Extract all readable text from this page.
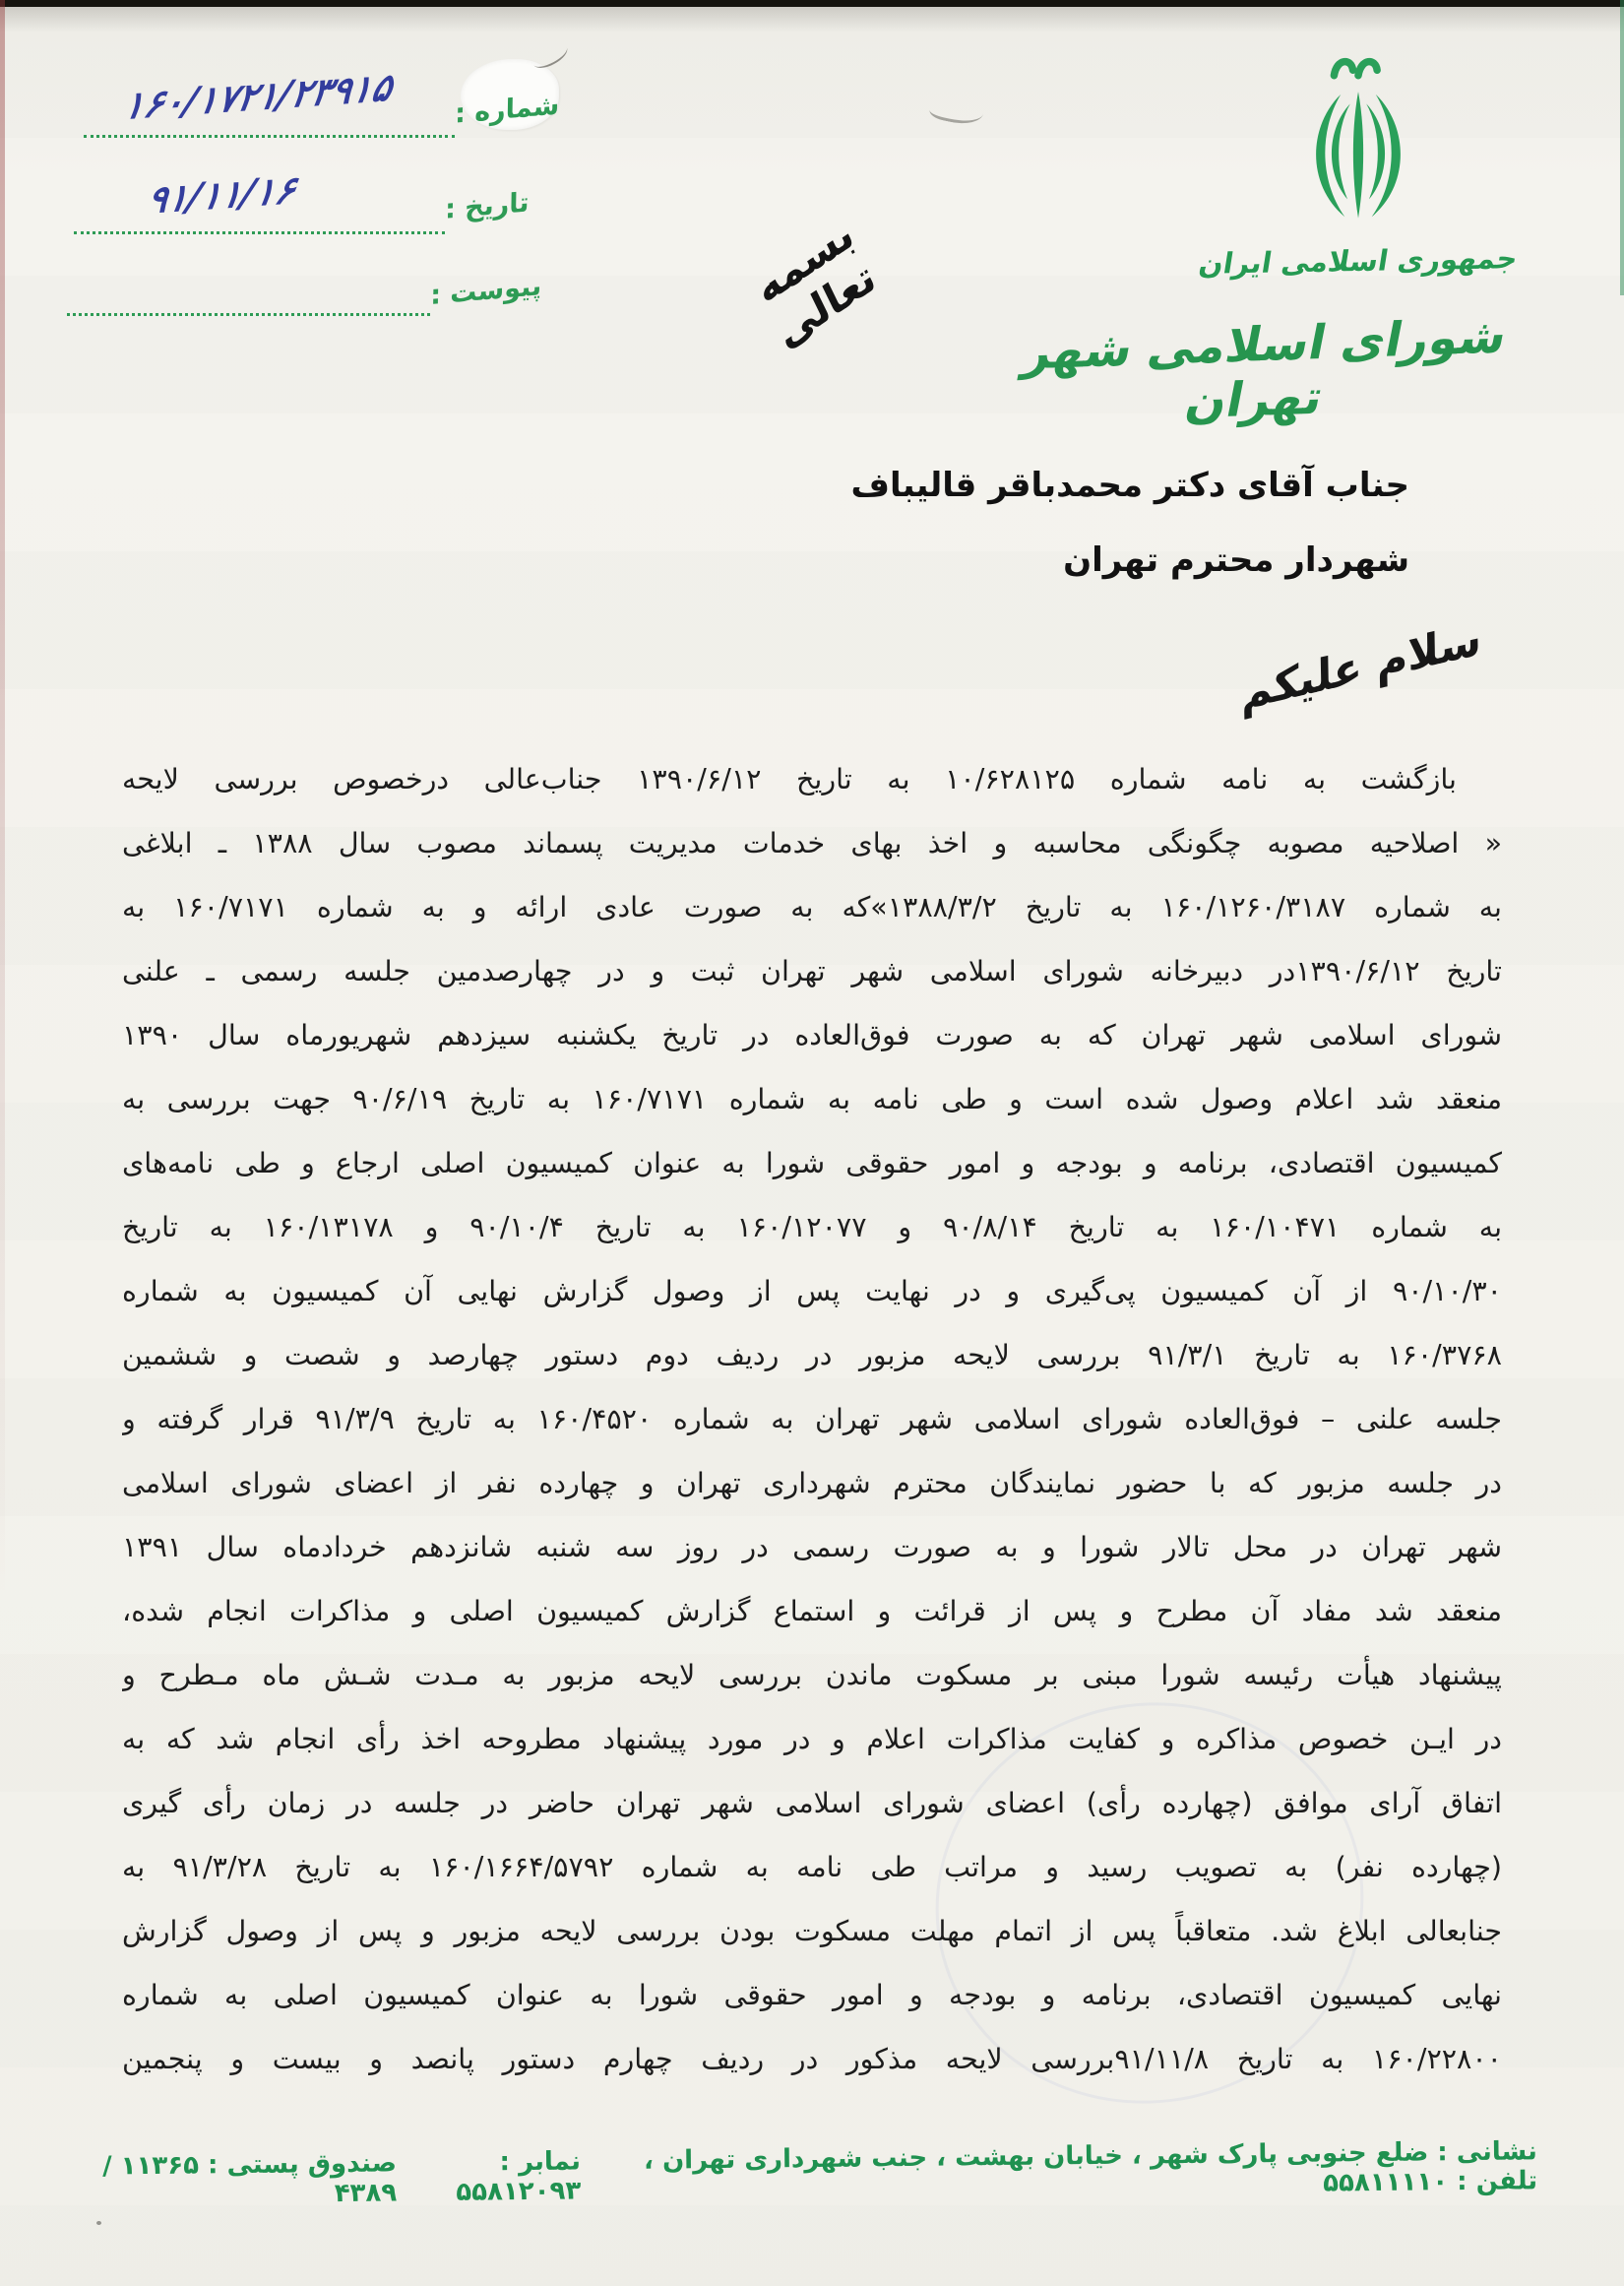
جمهوری اسلامی ایران
شورای اسلامی شهر تهران
بسمه تعالی
شماره :
۱۶۰/۱۷۲۱/۲۳۹۱۵
تاریخ :
۹۱/۱۱/۱۶
پیوست :
جناب آقای دکتر محمدباقر قالیباف
شهردار محترم تهران
سلام علیکم
بازگشت به نامه شماره ۱۰/۶۲۸۱۲۵ به تاریخ ۱۳۹۰/۶/۱۲ جناب‌عالی درخصوص بررسی لایحه
« اصلاحیه مصوبه چگونگی محاسبه و اخذ بهای خدمات مدیریت پسماند مصوب سال ۱۳۸۸ ـ ابلاغی
به شماره ۱۶۰/۱۲۶۰/۳۱۸۷ به تاریخ ۱۳۸۸/۳/۲»که به صورت عادی ارائه و به شماره ۱۶۰/۷۱۷۱ به
تاریخ ۱۳۹۰/۶/۱۲در دبیرخانه شورای اسلامی شهر تهران ثبت و در چهارصدمین جلسه رسمی ـ علنی
شورای اسلامی شهر تهران که به صورت فوق‌العاده در تاریخ یکشنبه سیزدهم شهریورماه سال ۱۳۹۰
منعقد شد اعلام وصول شده است و طی نامه به شماره ۱۶۰/۷۱۷۱ به تاریخ ۹۰/۶/۱۹ جهت بررسی به
کمیسیون اقتصادی، برنامه و بودجه و امور حقوقی شورا به عنوان کمیسیون اصلی ارجاع و طی نامه‌های
به شماره ۱۶۰/۱۰۴۷۱ به تاریخ ۹۰/۸/۱۴ و ۱۶۰/۱۲۰۷۷ به تاریخ ۹۰/۱۰/۴ و ۱۶۰/۱۳۱۷۸ به تاریخ
۹۰/۱۰/۳۰ از آن کمیسیون پی‌گیری و در نهایت پس از وصول گزارش نهایی آن کمیسیون به شماره
۱۶۰/۳۷۶۸ به تاریخ ۹۱/۳/۱ بررسی لایحه مزبور در ردیف دوم دستور چهارصد و شصت و ششمین
جلسه علنی – فوق‌العاده شورای اسلامی شهر تهران به شماره ۱۶۰/۴۵۲۰ به تاریخ ۹۱/۳/۹ قرار گرفته و
در جلسه مزبور که با حضور نمایندگان محترم شهرداری تهران و چهارده نفر از اعضای شورای اسلامی
شهر تهران در محل تالار شورا و به صورت رسمی در روز سه شنبه شانزدهم خردادماه سال ۱۳۹۱
منعقد شد مفاد آن مطرح و پس از قرائت و استماع گزارش کمیسیون اصلی و مذاکرات انجام شده،
پیشنهاد هیأت رئیسه شورا مبنی بر مسکوت ماندن بررسی لایحه مزبور به مـدت شـش ماه مـطرح و
در ایـن خصوص مذاکره و کفایت مذاکرات اعلام و در مورد پیشنهاد مطروحه اخذ رأی انجام شد که به
اتفاق آرای موافق (چهارده رأی) اعضای شورای اسلامی شهر تهران حاضر در جلسه در زمان رأی گیری
(چهارده نفر) به تصویب رسید و مراتب طی نامه به شماره ۱۶۰/۱۶۶۴/۵۷۹۲ به تاریخ ۹۱/۳/۲۸ به
جنابعالی ابلاغ شد. متعاقباً پس از اتمام مهلت مسکوت بودن بررسی لایحه مزبور و پس از وصول گزارش
نهایی کمیسیون اقتصادی، برنامه و بودجه و امور حقوقی شورا به عنوان کمیسیون اصلی به شماره
۱۶۰/۲۲۸۰۰ به تاریخ ۹۱/۱۱/۸بررسی لایحه مذکور در ردیف چهارم دستور پانصد و بیست و پنجمین
نشانی : ضلع جنوبی پارک شهر ، خیابان بهشت ، جنب شهرداری تهران ، تلفن : ۵۵۸۱۱۱۱۰
نمابر : ۵۵۸۱۲۰۹۳
صندوق پستی : ۱۱۳۶۵ / ۴۳۸۹
